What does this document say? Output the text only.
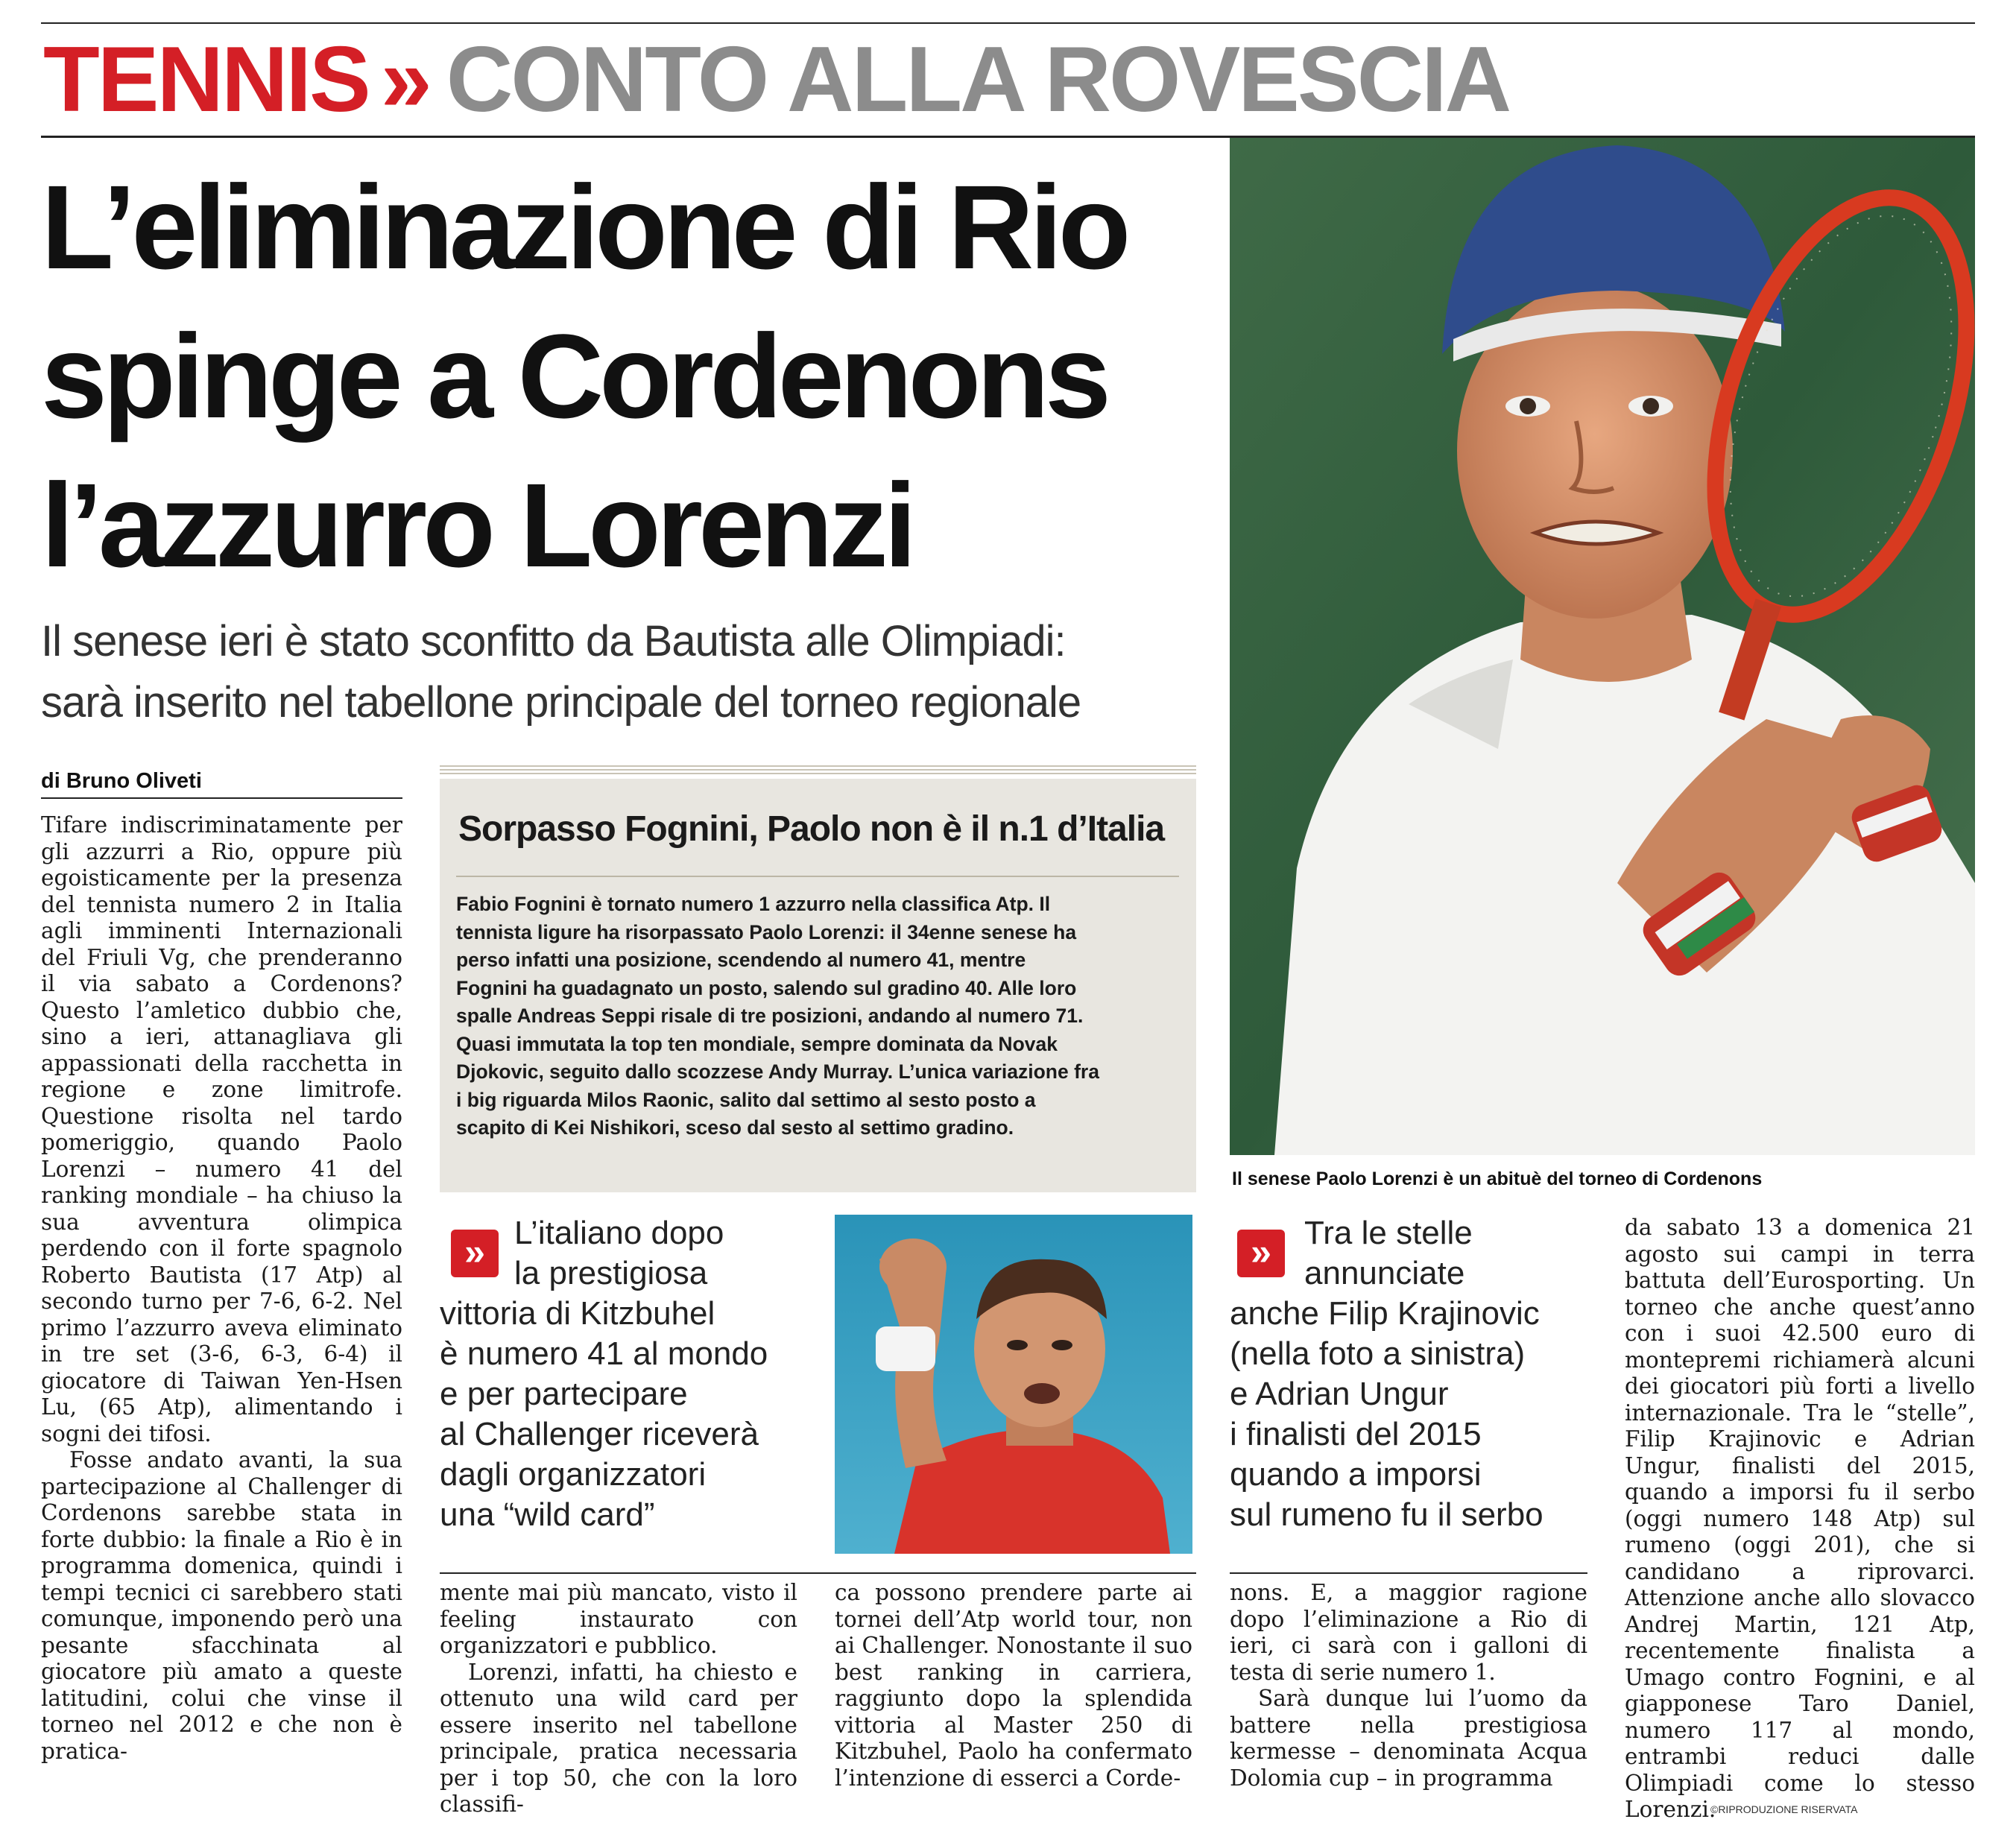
TENNIS » CONTO ALLA ROVESCIA
L’eliminazione di Rio
spinge a Cordenons
l’azzurro Lorenzi
Il senese ieri è stato sconfitto da Bautista alle Olimpiadi:
sarà inserito nel tabellone principale del torneo regionale
Il senese Paolo Lorenzi è un abituè del torneo di Cordenons
di Bruno Oliveti

Tifare indiscriminatamente per gli azzurri a Rio, oppure più egoisticamente per la presenza del tennista numero 2 in Italia agli imminenti Internazionali del Friuli Vg, che prenderanno il via sabato a Cordenons? Questo l’amletico dubbio che, sino a ieri, attanagliava gli appassionati della racchetta in regione e zone limitrofe. Questione risolta nel tardo pomeriggio, quando Paolo Lorenzi – numero 41 del ranking mondiale – ha chiuso la sua avventura olimpica perdendo con il forte spagnolo Roberto Bautista (17 Atp) al secondo turno per 7-6, 6-2. Nel primo l’azzurro aveva eliminato in tre set (3-6, 6-3, 6-4) il giocatore di Taiwan Yen-Hsen Lu, (65 Atp), alimentando i sogni dei tifosi.

Fosse andato avanti, la sua partecipazione al Challenger di Cordenons sarebbe stata in forte dubbio: la finale a Rio è in programma domenica, quindi i tempi tecnici ci sarebbero stati comunque, imponendo però una pesante sfacchinata al giocatore più amato a queste latitudini, colui che vinse il torneo nel 2012 e che non è pratica-

Sorpasso Fognini, Paolo non è il n.1 d’Italia
Fabio Fognini è tornato numero 1 azzurro nella classifica Atp. Il
tennista ligure ha risorpassato Paolo Lorenzi: il 34enne senese ha
perso infatti una posizione, scendendo al numero 41, mentre
Fognini ha guadagnato un posto, salendo sul gradino 40. Alle loro
spalle Andreas Seppi risale di tre posizioni, andando al numero 71.
Quasi immutata la top ten mondiale, sempre dominata da Novak
Djokovic, seguito dallo scozzese Andy Murray. L’unica variazione fra
i big riguarda Milos Raonic, salito dal settimo al sesto posto a
scapito di Kei Nishikori, sceso dal sesto al settimo gradino.
» L’italiano dopo
la prestigiosa
vittoria di Kitzbuhel
è numero 41 al mondo
e per partecipare
al Challenger riceverà
dagli organizzatori
una “wild card”
»	Tra le stelle
annunciate
anche Filip Krajinovic
(nella foto a sinistra)
e Adrian Ungur
i finalisti del 2015
quando a imporsi
sul rumeno fu il serbo

mente mai più mancato, visto il feeling instaurato con organizzatori e pubblico.

Lorenzi, infatti, ha chiesto e ottenuto una wild card per essere inserito nel tabellone principale, pratica necessaria per i top 50, che con la loro classifi-

ca possono prendere parte ai tornei dell’Atp world tour, non ai Challenger. Nonostante il suo best ranking in carriera, raggiunto dopo la splendida vittoria al Master 250 di Kitzbuhel, Paolo ha confermato l’intenzione di esserci a Corde-

nons. E, a maggior ragione dopo l’eliminazione a Rio di ieri, ci sarà con i galloni di testa di serie numero 1.

Sarà dunque lui l’uomo da battere nella prestigiosa kermesse – denominata Acqua Dolomia cup – in programma

da sabato 13 a domenica 21 agosto sui campi in terra battuta dell’Eurosporting. Un torneo che anche quest’anno con i suoi 42.500 euro di montepremi richiamerà alcuni dei giocatori più forti a livello internazionale. Tra le “stelle”, Filip Krajinovic e Adrian Ungur, finalisti del 2015, quando a imporsi fu il serbo (oggi numero 148 Atp) sul rumeno (oggi 201), che si candidano a riprovarci. Attenzione anche allo slovacco Andrej Martin, 121 Atp, recentemente finalista a Umago contro Fognini, e al giapponese Taro Daniel, numero 117 al mondo, entrambi reduci dalle Olimpiadi come lo stesso Lorenzi.

©RIPRODUZIONE RISERVATA
